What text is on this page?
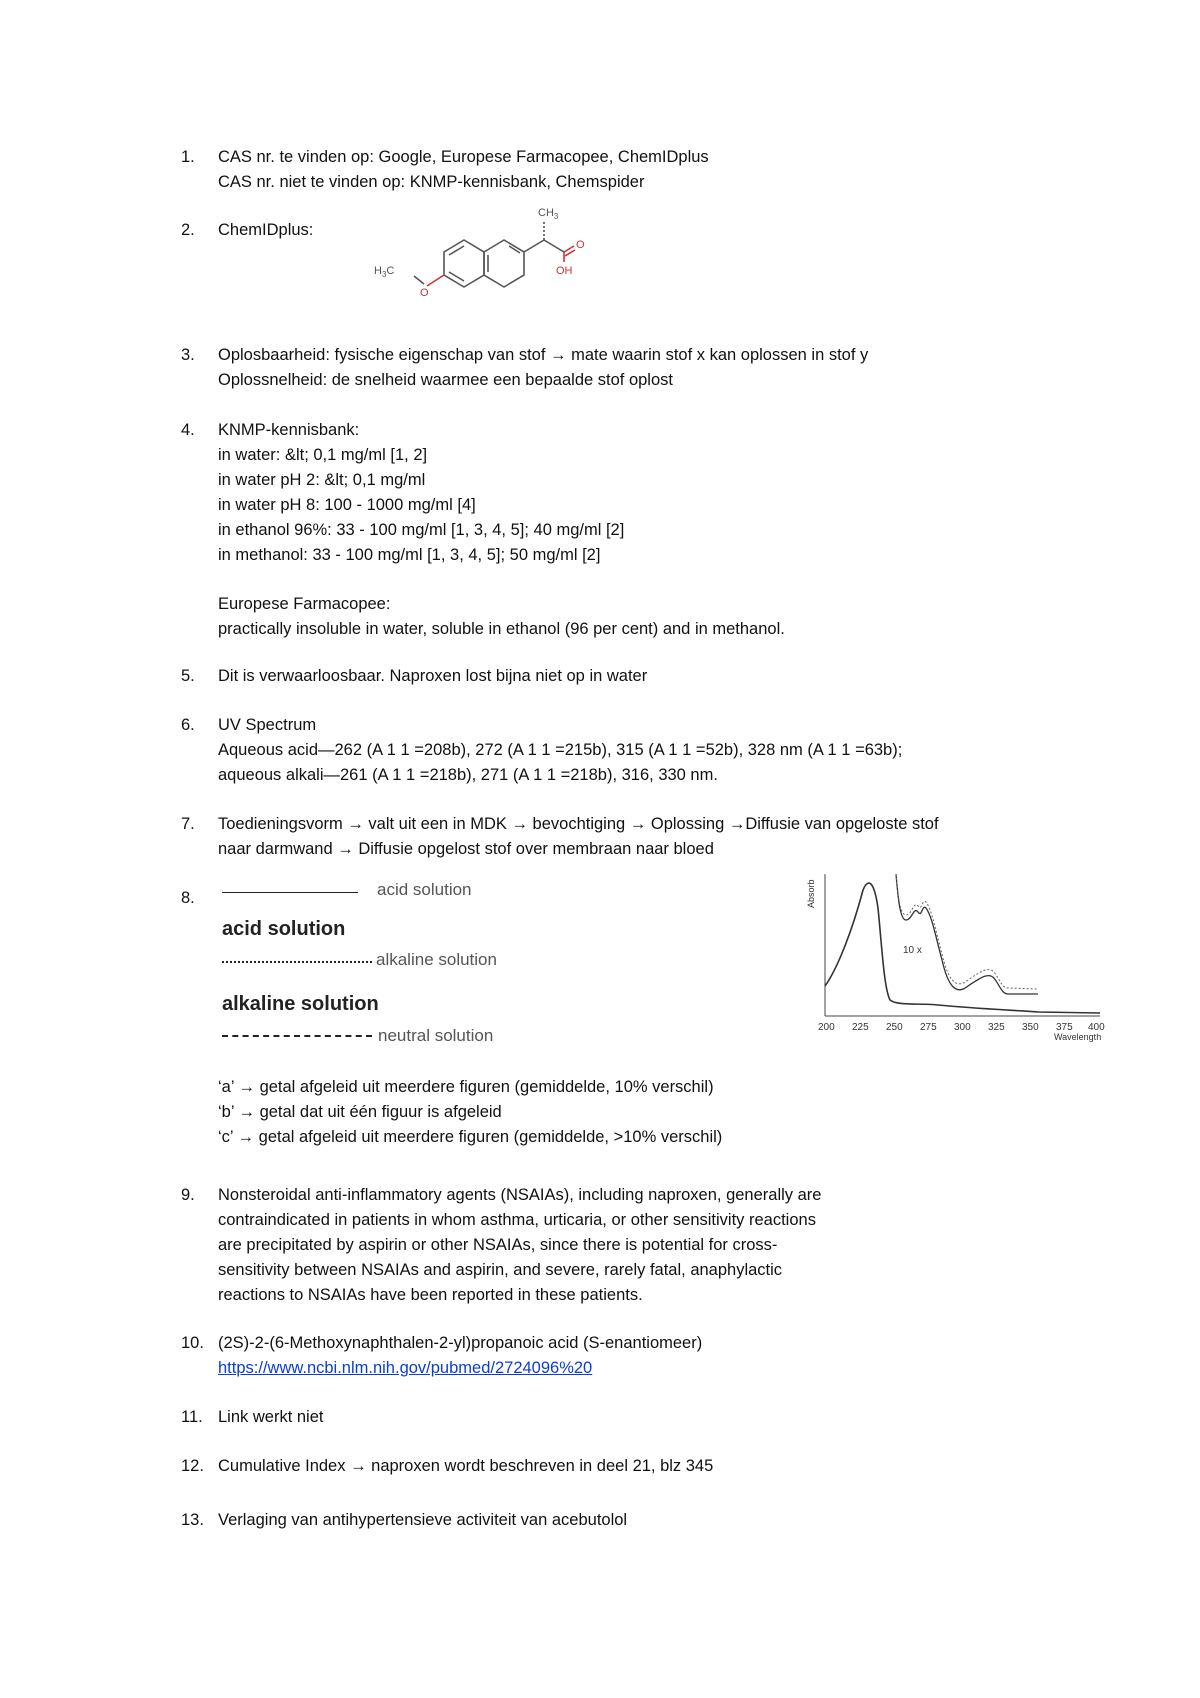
1.	CAS nr. te vinden op: Google, Europese Farmacopee, ChemIDplus
CAS nr. niet te vinden op: KNMP-kennisbank, Chemspider
2.	ChemIDplus:
$CH_3$
O
OH
$H_3C$
O
3.	Oplosbaarheid: fysische eigenschap van stof → mate waarin stof x kan oplossen in stof y
Oplossnelheid: de snelheid waarmee een bepaalde stof oplost
4.	KNMP-kennisbank:
in water: &lt; 0,1 mg/ml [1, 2]
in water pH 2: &lt; 0,1 mg/ml
in water pH 8: 100 - 1000 mg/ml [4]
in ethanol 96%: 33 - 100 mg/ml [1, 3, 4, 5]; 40 mg/ml [2]
in methanol: 33 - 100 mg/ml [1, 3, 4, 5]; 50 mg/ml [2]
Europese Farmacopee:
practically insoluble in water, soluble in ethanol (96 per cent) and in methanol.
5.	Dit is verwaarloosbaar. Naproxen lost bijna niet op in water
6.	UV Spectrum
Aqueous acid—262 (A 1 1 =208b), 272 (A 1 1 =215b), 315 (A 1 1 =52b), 328 nm (A 1 1 =63b);
aqueous alkali—261 (A 1 1 =218b), 271 (A 1 1 =218b), 316, 330 nm.
7.	Toedieningsvorm → valt uit een in MDK → bevochtiging → Oplossing →Diffusie van opgeloste stof
naar darmwand → Diffusie opgelost stof over membraan naar bloed
8.	acid solution
acid solution
alkaline solution
alkaline solution
neutral solution
10 x
Absorb
200 225 250 275 300 325 350 375 400
Wavelength
‘a’ → getal afgeleid uit meerdere figuren (gemiddelde, 10% verschil)
‘b’ → getal dat uit één figuur is afgeleid
‘c’ → getal afgeleid uit meerdere figuren (gemiddelde, >10% verschil)
9.	Nonsteroidal anti-inflammatory agents (NSAIAs), including naproxen, generally are
contraindicated in patients in whom asthma, urticaria, or other sensitivity reactions
are precipitated by aspirin or other NSAIAs, since there is potential for cross-
sensitivity between NSAIAs and aspirin, and severe, rarely fatal, anaphylactic
reactions to NSAIAs have been reported in these patients.
10. (2S)-2-(6-Methoxynaphthalen-2-yl)propanoic acid (S-enantiomeer)
https://www.ncbi.nlm.nih.gov/pubmed/2724096%20
11. Link werkt niet
12. Cumulative Index → naproxen wordt beschreven in deel 21, blz 345
13. Verlaging van antihypertensieve activiteit van acebutolol
